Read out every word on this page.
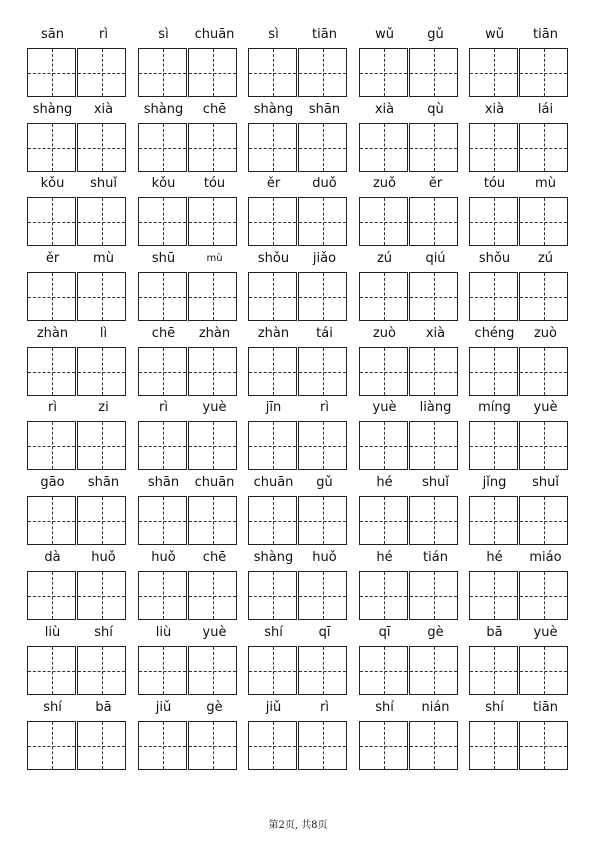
sān	rì	sì	chuān	sì	tiān	wǔ	gǔ	wǔ	tiān
shàng	xià	shàng	chē	shàng	shān	xià	qù	xià	lái
kǒu	shuǐ	kǒu	tóu	ěr	duǒ	zuǒ	ěr	tóu	mù
ěr	mù	shū	mù	shǒu	jiǎo	zú	qiú	shǒu	zú
zhàn	lì	chē	zhàn	zhàn	tái	zuò	xià	chéng	zuò
rì	zi	rì	yuè	jīn	rì	yuè	liàng	míng	yuè
gāo	shān	shān	chuān	chuān	gǔ	hé	shuǐ	jǐng	shuǐ
dà	huǒ	huǒ	chē	shàng	huǒ	hé	tián	hé	miáo
liù	shí	liù	yuè	shí	qī	qī	gè	bā	yuè
shí	bā	jiǔ	gè	jiǔ	rì	shí	nián	shí	tiān
第2页, 共8页
